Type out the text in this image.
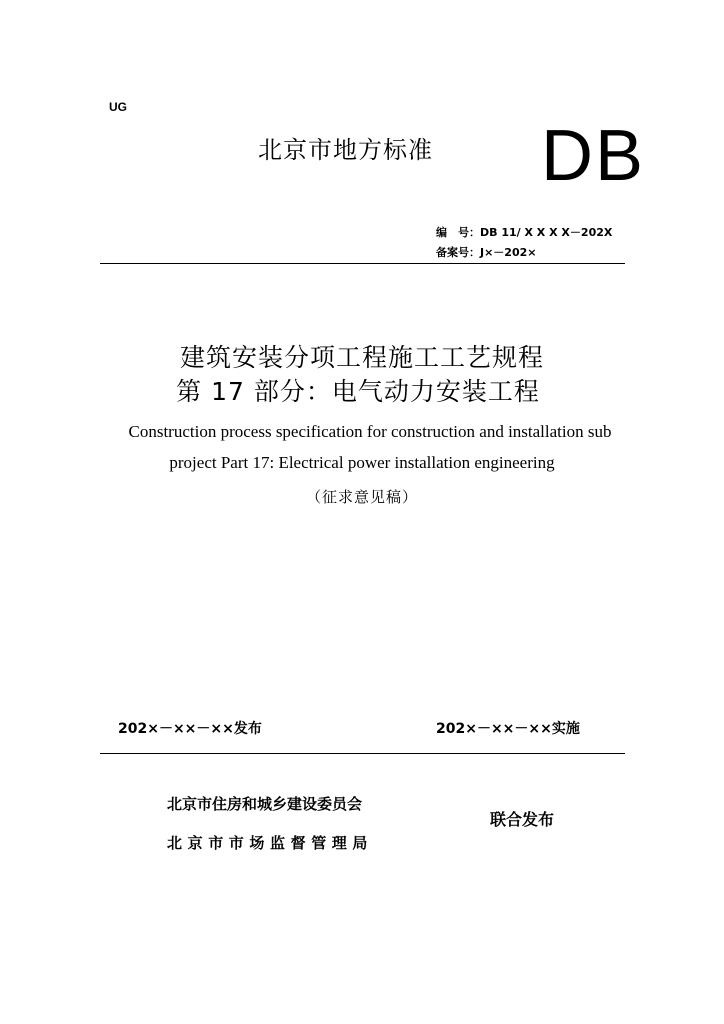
UG
北京市地方标准 DB
编　号：DB 11/ X X X X－202X
备案号：J×－202×
建筑安装分项工程施工工艺规程
第 17 部分：电气动力安装工程
Construction process specification for construction and installation sub
project Part 17: Electrical power installation engineering
（征求意见稿）
202×－××－××发布	202×－××－××实施
北京市住房和城乡建设委员会
北京市市场监督管理局
联合发布
